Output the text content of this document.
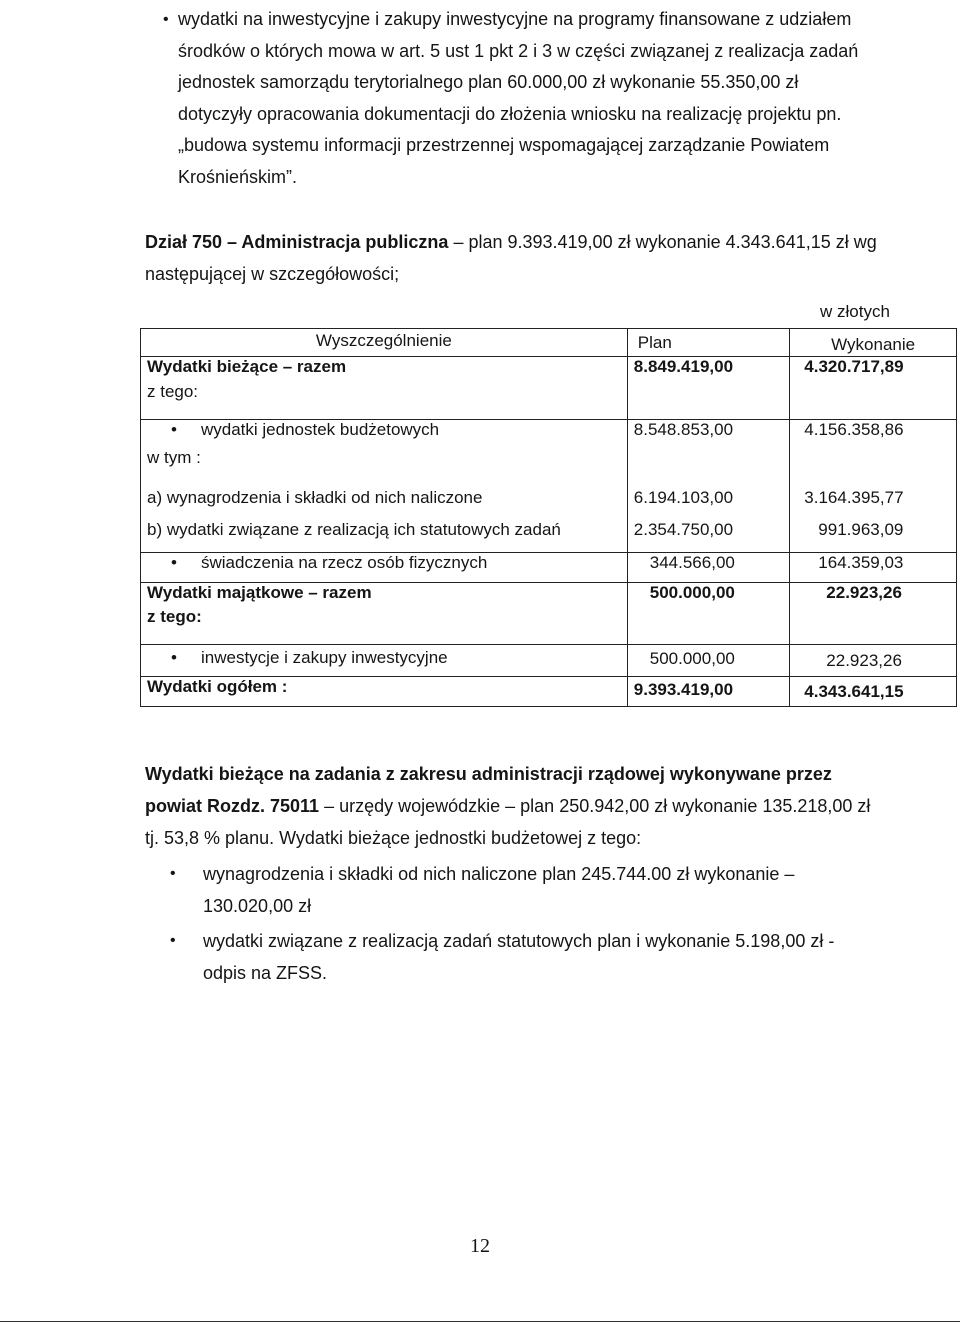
• wydatki na inwestycyjne i zakupy inwestycyjne na programy finansowane z udziałem
środków o których mowa w art. 5 ust 1 pkt 2 i 3 w części związanej z realizacja zadań
jednostek samorządu terytorialnego plan 60.000,00 zł wykonanie 55.350,00 zł
dotyczyły opracowania dokumentacji do złożenia wniosku na realizację projektu pn.
„budowa systemu informacji przestrzennej wspomagającej zarządzanie Powiatem
Krośnieńskim”.
Dział 750 – Administracja publiczna – plan 9.393.419,00 zł wykonanie 4.343.641,15 zł wg
następującej w szczegółowości;
w złotych
Wyszczególnienie	Plan	Wykonanie
Wydatki bieżące – razem	8.849.419,00	4.320.717,89
z tego:		
• wydatki jednostek budżetowych	8.548.853,00	4.156.358,86
w tym :		
a) wynagrodzenia i składki od nich naliczone	6.194.103,00	3.164.395,77
b) wydatki związane z realizacją ich statutowych zadań	2.354.750,00	991.963,09
• świadczenia na rzecz osób fizycznych	344.566,00	164.359,03
Wydatki majątkowe – razem	500.000,00	22.923,26
z tego:		
• inwestycje i zakupy inwestycyjne	500.000,00	22.923,26
Wydatki ogółem :	9.393.419,00	4.343.641,15
Wydatki bieżące na zadania z zakresu administracji rządowej wykonywane przez
powiat Rozdz. 75011 – urzędy wojewódzkie – plan 250.942,00 zł wykonanie 135.218,00 zł
tj. 53,8 % planu. Wydatki bieżące jednostki budżetowej z tego:
• wynagrodzenia i składki od nich naliczone plan 245.744.00 zł wykonanie –
130.020,00 zł
• wydatki związane z realizacją zadań statutowych plan i wykonanie 5.198,00 zł -
odpis na ZFSS.
12
